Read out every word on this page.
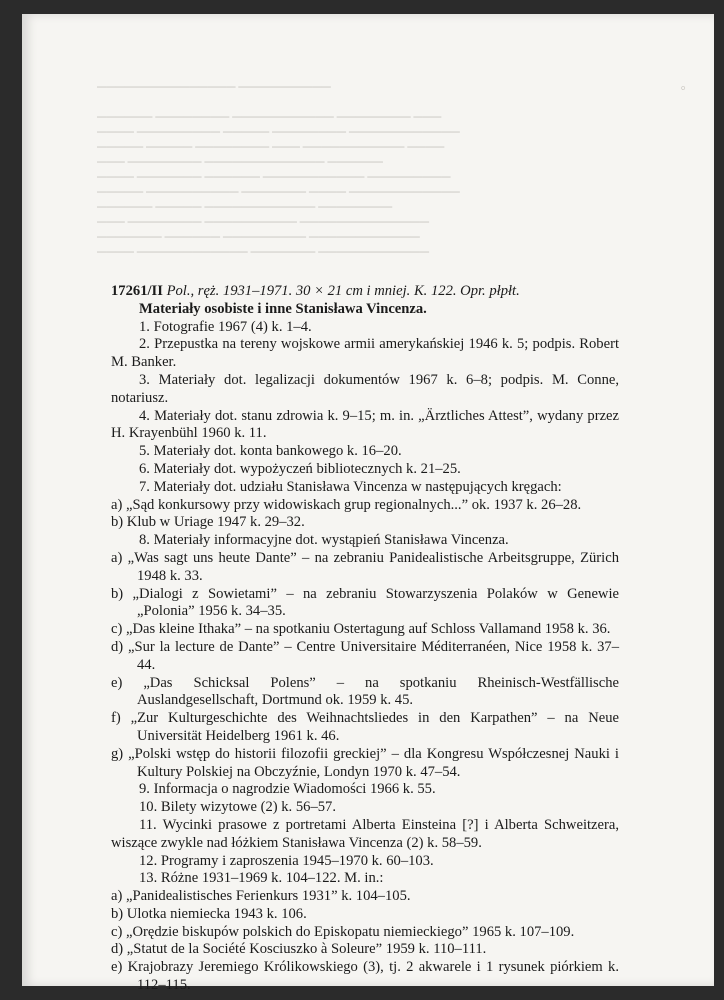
▁▁▁▁▁▁▁▁▁▁▁▁▁▁▁ ▁▁▁▁▁▁▁▁▁▁

▁▁▁▁▁▁ ▁▁▁▁▁▁▁▁ ▁▁▁▁▁▁▁▁▁▁▁ ▁▁▁▁▁▁▁▁ ▁▁▁

▁▁▁▁ ▁▁▁▁▁▁▁▁▁ ▁▁▁▁▁ ▁▁▁▁▁▁▁▁ ▁▁▁▁▁▁▁▁▁▁▁▁

▁▁▁▁▁ ▁▁▁▁▁ ▁▁▁▁▁▁▁▁ ▁▁▁ ▁▁▁▁▁▁▁▁▁▁▁ ▁▁▁▁

▁▁▁ ▁▁▁▁▁▁▁▁ ▁▁▁▁▁▁▁▁▁▁▁▁▁ ▁▁▁▁▁▁

▁▁▁▁ ▁▁▁▁▁▁▁ ▁▁▁▁▁▁ ▁▁▁▁▁▁▁▁▁▁▁ ▁▁▁▁▁▁▁▁▁

▁▁▁▁▁ ▁▁▁▁▁▁▁▁▁▁ ▁▁▁▁▁▁▁ ▁▁▁▁ ▁▁▁▁▁▁▁▁▁▁▁▁

▁▁▁▁▁▁ ▁▁▁▁▁ ▁▁▁▁▁▁▁▁▁▁▁▁ ▁▁▁▁▁▁▁▁

▁▁▁ ▁▁▁▁▁▁▁▁ ▁▁▁▁▁▁▁▁▁▁ ▁▁▁▁▁▁▁▁▁▁▁▁▁▁

▁▁▁▁▁▁▁ ▁▁▁▁▁▁ ▁▁▁▁▁▁▁▁▁ ▁▁▁▁▁▁▁▁▁▁▁▁

▁▁▁▁ ▁▁▁▁▁▁▁▁▁▁▁▁ ▁▁▁▁▁▁▁ ▁▁▁▁▁▁▁▁▁▁▁▁

◦

17261/II Pol., ręż. 1931–1971. 30 × 21 cm i mniej. K. 122. Opr. płpłt.

Materiały osobiste i inne Stanisława Vincenza.

1. Fotografie 1967 (4) k. 1–4.

2. Przepustka na tereny wojskowe armii amerykańskiej 1946 k. 5; podpis. Robert M. Banker.

3. Materiały dot. legalizacji dokumentów 1967 k. 6–8; podpis. M. Conne, notariusz.

4. Materiały dot. stanu zdrowia k. 9–15; m. in. „Ärztliches Attest”, wydany przez H. Krayenbühl 1960 k. 11.

5. Materiały dot. konta bankowego k. 16–20.

6. Materiały dot. wypożyczeń bibliotecznych k. 21–25.

7. Materiały dot. udziału Stanisława Vincenza w następujących kręgach:

a) „Sąd konkursowy przy widowiskach grup regionalnych...” ok. 1937 k. 26–28.

b) Klub w Uriage 1947 k. 29–32.

8. Materiały informacyjne dot. wystąpień Stanisława Vincenza.

a) „Was sagt uns heute Dante” – na zebraniu Panidealistische Arbeitsgruppe, Zürich 1948 k. 33.

b) „Dialogi z Sowietami” – na zebraniu Stowarzyszenia Polaków w Genewie „Polonia” 1956 k. 34–35.

c) „Das kleine Ithaka” – na spotkaniu Ostertagung auf Schloss Vallamand 1958 k. 36.

d) „Sur la lecture de Dante” – Centre Universitaire Méditerranéen, Nice 1958 k. 37–44.

e) „Das Schicksal Polens” – na spotkaniu Rheinisch-Westfällische Auslandgesellschaft, Dortmund ok. 1959 k. 45.

f) „Zur Kulturgeschichte des Weihnachtsliedes in den Karpathen” – na Neue Universität Heidelberg 1961 k. 46.

g) „Polski wstęp do historii filozofii greckiej” – dla Kongresu Współczesnej Nauki i Kultury Polskiej na Obczyźnie, Londyn 1970 k. 47–54.

9. Informacja o nagrodzie Wiadomości 1966 k. 55.

10. Bilety wizytowe (2) k. 56–57.

11. Wycinki prasowe z portretami Alberta Einsteina [?] i Alberta Schweitzera, wiszące zwykle nad łóżkiem Stanisława Vincenza (2) k. 58–59.

12. Programy i zaproszenia 1945–1970 k. 60–103.

13. Różne 1931–1969 k. 104–122. M. in.:

a) „Panidealistisches Ferienkurs 1931” k. 104–105.

b) Ulotka niemiecka 1943 k. 106.

c) „Orędzie biskupów polskich do Episkopatu niemieckiego” 1965 k. 107–109.

d) „Statut de la Société Kosciuszko à Soleure” 1959 k. 110–111.

e) Krajobrazy Jeremiego Królikowskiego (3), tj. 2 akwarele i 1 rysunek piórkiem k. 112–115.
